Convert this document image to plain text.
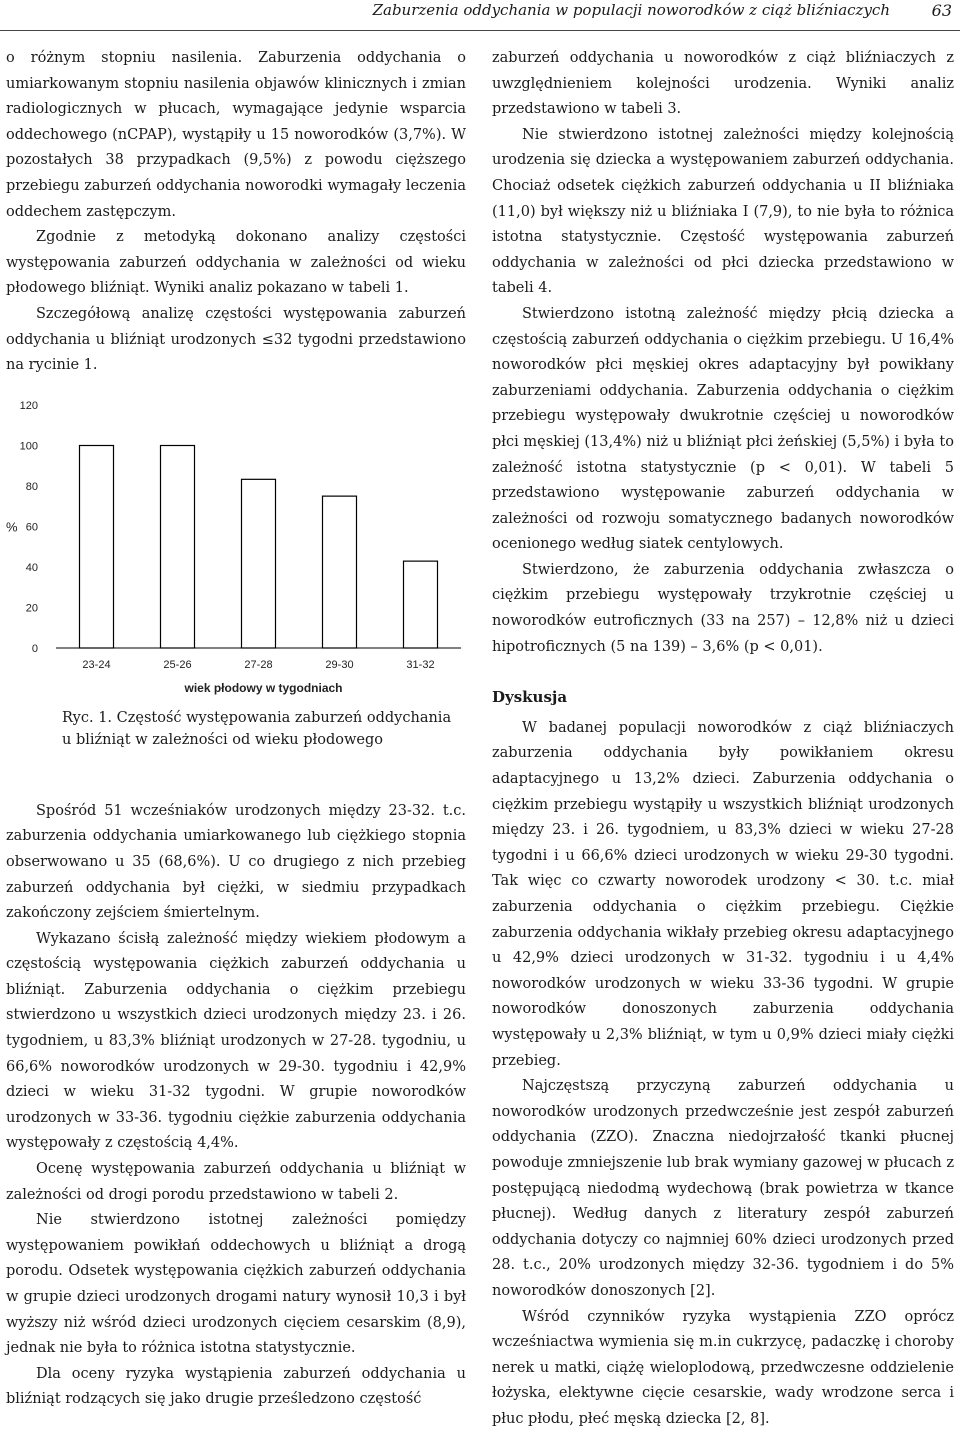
Zaburzenia oddychania w populacji noworodków z ciąż bliźniaczych	63

o różnym stopniu nasilenia. Zaburzenia oddychania o umiarkowanym stopniu nasilenia objawów klinicznych i zmian radiologicznych w płucach, wymagające jedynie wsparcia oddechowego (nCPAP), wystąpiły u 15 noworodków (3,7%). W pozostałych 38 przypadkach (9,5%) z powodu cięższego przebiegu zaburzeń oddychania noworodki wymagały leczenia oddechem zastępczym.

Zgodnie z metodyką dokonano analizy częstości występowania zaburzeń oddychania w zależności od wieku płodowego bliźniąt. Wyniki analiz pokazano w tabeli 1.

Szczegółową analizę częstości występowania zaburzeń oddychania u bliźniąt urodzonych ≤32 tygodni przedstawiono na rycinie 1.

0
20
40
60
80
100
120
%
23-24	25-26	27-28	29-30	31-32
wiek płodowy w tygodniach
Ryc. 1. Częstość występowania zaburzeń oddychania
u bliźniąt w zależności od wieku płodowego

Spośród 51 wcześniaków urodzonych między 23-32. t.c. zaburzenia oddychania umiarkowanego lub ciężkiego stopnia obserwowano u 35 (68,6%). U co drugiego z nich przebieg zaburzeń oddychania był ciężki, w siedmiu przypadkach zakończony zejściem śmiertelnym.

Wykazano ścisłą zależność między wiekiem płodowym a częstością występowania ciężkich zaburzeń oddychania u bliźniąt. Zaburzenia oddychania o ciężkim przebiegu stwierdzono u wszystkich dzieci urodzonych między 23. i 26. tygodniem, u 83,3% bliźniąt urodzonych w 27-28. tygodniu, u 66,6% noworodków urodzonych w 29-30. tygodniu i 42,9% dzieci w wieku 31-32 tygodni. W grupie noworodków urodzonych w 33-36. tygodniu ciężkie zaburzenia oddychania występowały z częstością 4,4%.

Ocenę występowania zaburzeń oddychania u bliźniąt w zależności od drogi porodu przedstawiono w tabeli 2.

Nie stwierdzono istotnej zależności pomiędzy występowaniem powikłań oddechowych u bliźniąt a drogą porodu. Odsetek występowania ciężkich zaburzeń oddychania w grupie dzieci urodzonych drogami natury wynosił 10,3 i był wyższy niż wśród dzieci urodzonych cięciem cesarskim (8,9), jednak nie była to różnica istotna statystycznie.

Dla oceny ryzyka wystąpienia zaburzeń oddychania u bliźniąt rodzących się jako drugie prześledzono częstość

zaburzeń oddychania u noworodków z ciąż bliźniaczych z uwzględnieniem kolejności urodzenia. Wyniki analiz przedstawiono w tabeli 3.

Nie stwierdzono istotnej zależności między kolejnością urodzenia się dziecka a występowaniem zaburzeń oddychania. Chociaż odsetek ciężkich zaburzeń oddychania u II bliźniaka (11,0) był większy niż u bliźniaka I (7,9), to nie była to różnica istotna statystycznie. Częstość występowania zaburzeń oddychania w zależności od płci dziecka przedstawiono w tabeli 4.

Stwierdzono istotną zależność między płcią dziecka a częstością zaburzeń oddychania o ciężkim przebiegu. U 16,4% noworodków płci męskiej okres adaptacyjny był powikłany zaburzeniami oddychania. Zaburzenia oddychania o ciężkim przebiegu występowały dwukrotnie częściej u noworodków płci męskiej (13,4%) niż u bliźniąt płci żeńskiej (5,5%) i była to zależność istotna statystycznie (p < 0,01). W tabeli 5 przedstawiono występowanie zaburzeń oddychania w zależności od rozwoju somatycznego badanych noworodków ocenionego według siatek centylowych.

Stwierdzono, że zaburzenia oddychania zwłaszcza o ciężkim przebiegu występowały trzykrotnie częściej u noworodków eutroficznych (33 na 257) – 12,8% niż u dzieci hipotroficznych (5 na 139) – 3,6% (p < 0,01).

Dyskusja

W badanej populacji noworodków z ciąż bliźniaczych zaburzenia oddychania były powikłaniem okresu adaptacyjnego u 13,2% dzieci. Zaburzenia oddychania o ciężkim przebiegu wystąpiły u wszystkich bliźniąt urodzonych między 23. i 26. tygodniem, u 83,3% dzieci w wieku 27-28 tygodni i u 66,6% dzieci urodzonych w wieku 29-30 tygodni. Tak więc co czwarty noworodek urodzony < 30. t.c. miał zaburzenia oddychania o ciężkim przebiegu. Ciężkie zaburzenia oddychania wikłały przebieg okresu adaptacyjnego u 42,9% dzieci urodzonych w 31-32. tygodniu i u 4,4% noworodków urodzonych w wieku 33-36 tygodni. W grupie noworodków donoszonych zaburzenia oddychania występowały u 2,3% bliźniąt, w tym u 0,9% dzieci miały ciężki przebieg.

Najczęstszą przyczyną zaburzeń oddychania u noworodków urodzonych przedwcześnie jest zespół zaburzeń oddychania (ZZO). Znaczna niedojrzałość tkanki płucnej powoduje zmniejszenie lub brak wymiany gazowej w płucach z postępującą niedodmą wydechową (brak powietrza w tkance płucnej). Według danych z literatury zespół zaburzeń oddychania dotyczy co najmniej 60% dzieci urodzonych przed 28. t.c., 20% urodzonych między 32-36. tygodniem i do 5% noworodków donoszonych [2].

Wśród czynników ryzyka wystąpienia ZZO oprócz wcześniactwa wymienia się m.in cukrzycę, padaczkę i choroby nerek u matki, ciążę wieloplodową, przedwczesne oddzielenie łożyska, elektywne cięcie cesarskie, wady wrodzone serca i płuc płodu, płeć męską dziecka [2, 8].
